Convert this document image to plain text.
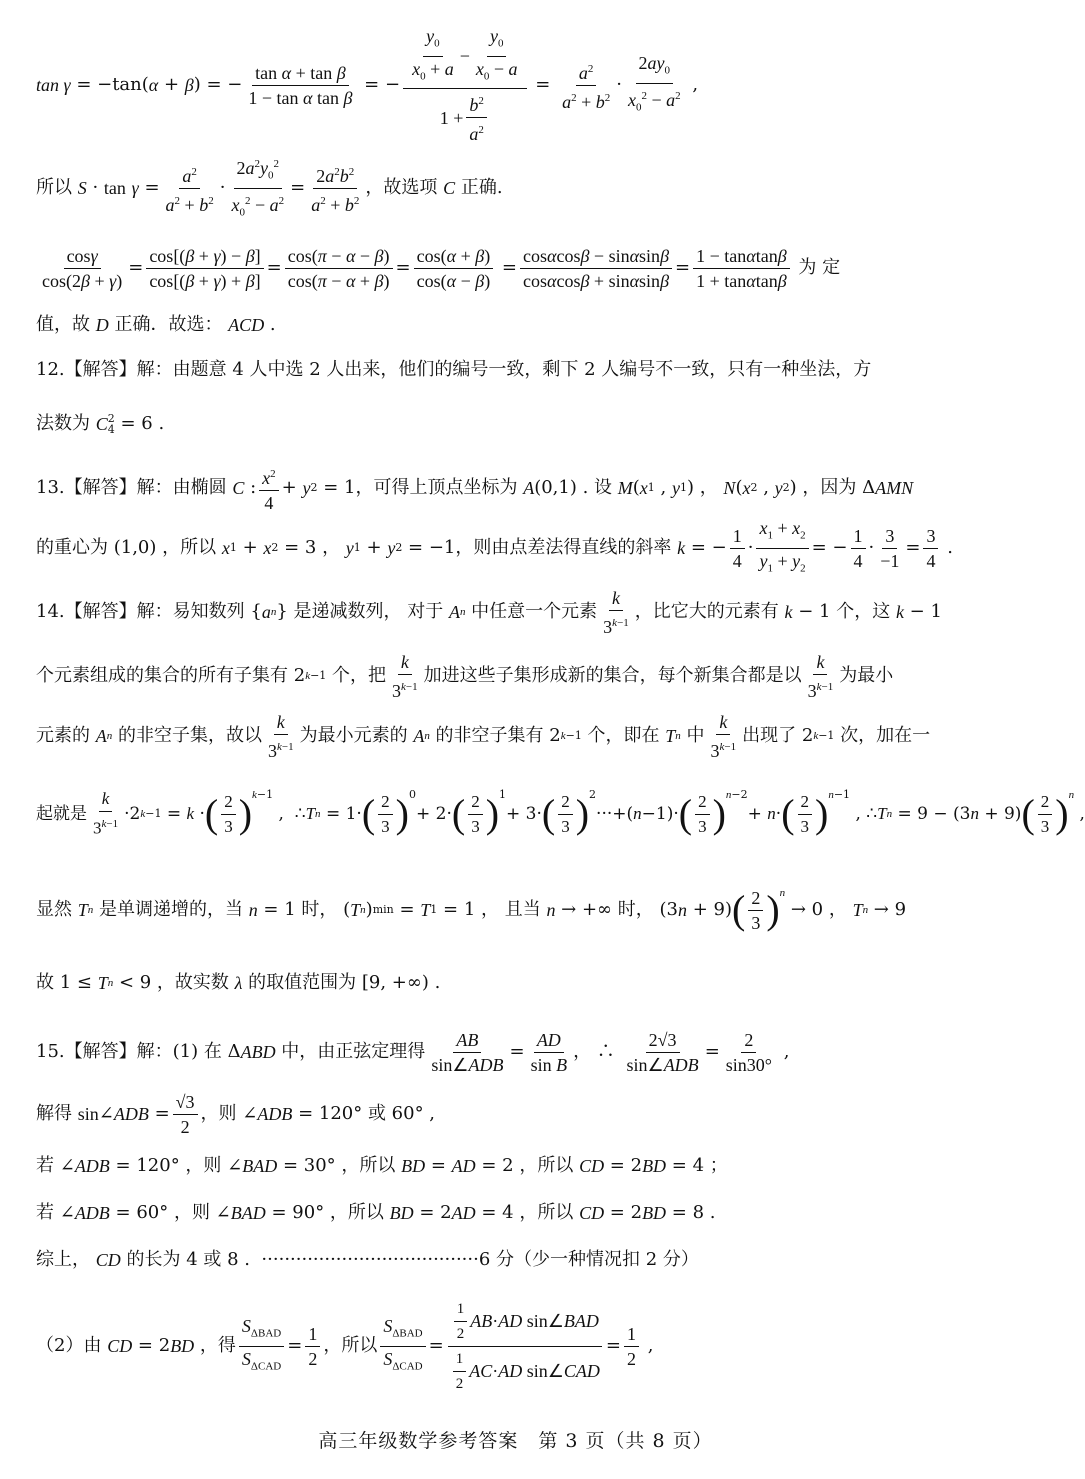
tan γ = −tan( α + β ) = − $\frac{\text{tan α + tan β}}{\text{1 − tan α tan β}}$ = − $\frac{\frac{y_0}{x_0 + a} - \frac{y_0}{x_0 - a}}{1 + \frac{b^2}{a^2}} = \frac{a^2}{a^2 + b^2} \cdot \frac{2ay_0}{x_0^2 - a^2}$ ,
所以 S · tan
$\gamma = \frac{a^2}{a^2 + b^2} \cdot \frac{2a^2y_0^2}{x_0^2 - a^2} = \frac{2a^2b^2}{a^2 + b^2}$ ，故选项 C 正确.
$\frac{\cos\gamma}{\cos(2\beta + \gamma)} = \frac{\cos[(\beta + \gamma) - \beta]}{\cos[(\beta + \gamma) + \beta]} = \frac{\cos(\pi - \alpha - \beta)}{\cos(\pi - \alpha + \beta)} = \frac{\cos(\alpha + \beta)}{\cos(\alpha - \beta)} = \frac{\cos\alpha\cos\beta - \sin\alpha\sin\beta}{\cos\alpha\cos\beta + \sin\alpha\sin\beta} = \frac{1 - \tan\alpha\tan\beta}{1 + \tan\alpha\tan\beta}$ 为 定
值，故 D 正确．故选： ACD .
12.【解答】解：由题意 4 人中选 2 人出来，他们的编号一致，剩下 2 人编号不一致，只有一种坐法，方
法数为 C 2
4 = 6 .
13.【解答】解：由椭圆 C : $\frac{x^2}{4} + y$ 2 = 1，可得上顶点坐标为 A (0,1) . 设 M ( x 1 , y 1 ) ， N ( x 2 , y 2 ) ，因为 Δ AMN
的重心为 (1,0) ，所以 x 1 + x 2 = 3 ， y 1 + y 2 = −1，则由点差法得直线的斜率 k = − $\frac{1}{4} \cdot \frac{x_1 + x_2}{y_1 + y_2}$ = − $\frac{1}{4} \cdot \frac{3}{-1} = \frac{3}{4}$ .
14.【解答】解：易知数列 { a n } 是递减数列， 对于 A n 中任意一个元素 $\frac{k}{3^{k-1}}$ ，比它大的元素有 k − 1 个，这 k − 1
个元素组成的集合的所有子集有 2 k−1 个，把 $\frac{k}{3^{k-1}}$ 加进这些子集形成新的集合，每个新集合都是以 $\frac{k}{3^{k-1}}$ 为最小
元素的 A n 的非空子集，故以 $\frac{k}{3^{k-1}}$ 为最小元素的 A n 的非空子集有 2 k−1 个，即在 T n 中 $\frac{k}{3^{k-1}}$ 出现了 2 k−1 次，加在一
起就是 $\frac{k}{3^{k-1}} \cdot 2$ k−1 = k · ( $\frac{2}{3}$ ) $^{k-1}$
,  ∴ T n = 1· ( $\frac{2}{3} )^0$
+ 2· ( $\frac{2}{3} )^1$
+ 3· ( $\frac{2}{3} )^2$
···+( n −1)· ( $\frac{2}{3}$ ) $^{n-2}$
+ n · ( $\frac{2}{3}$ ) $^{n-1}$
, ∴ T n = 9 − (3 n + 9) ( $\frac{2}{3}$ ) $^n$
,
显然 T n 是单调递增的，当 n = 1 时， ( T n ) min = T 1 = 1 ， 且当 n → +∞ 时， (3 n + 9) ( $\frac{2}{3}$ ) $^n$
→ 0 ， T n → 9
故 1 ≤ T n < 9 ，故实数 λ 的取值范围为 [9, +∞) .
15.【解答】解：(1) 在 Δ ABD 中，由正弦定理得 $\frac{AB}{\text{sin∠ADB}} = \frac{AD}{\text{sin B}}$ ， ∴ $\frac{2√3}{\text{sin∠ADB}} = \frac{2}{\sin 30^\circ}$ ,
解得 sin ∠ ADB = $\frac{√3}{2}$ ，则 ∠ ADB = 120° 或 60° ,
若 ∠ ADB = 120° ，则 ∠ BAD = 30° ，所以 BD = AD = 2 ，所以 CD = 2 BD = 4 ；
若 ∠ ADB = 60° ，则 ∠ BAD = 90° ，所以 BD = 2 AD = 4 ，所以 CD = 2 BD = 8 .
综上， CD 的长为 4 或 8 .  ······································6 分（少一种情况扣 2 分）
（2）由 CD = 2 BD ，得 $\frac{S_{\Delta BAD}}{S_{\Delta CAD}} = \frac{1}{2}$ ，所以 $\frac{S_{\Delta BAD}}{S_{\Delta CAD}} = \frac{1}{2}$ AB · AD
sin ∠ BAD
$\frac{1}{2}$ AC · AD
sin ∠ CAD = $\frac{1}{2}$ ,
高三年级数学参考答案　第 3 页（共 8 页）
